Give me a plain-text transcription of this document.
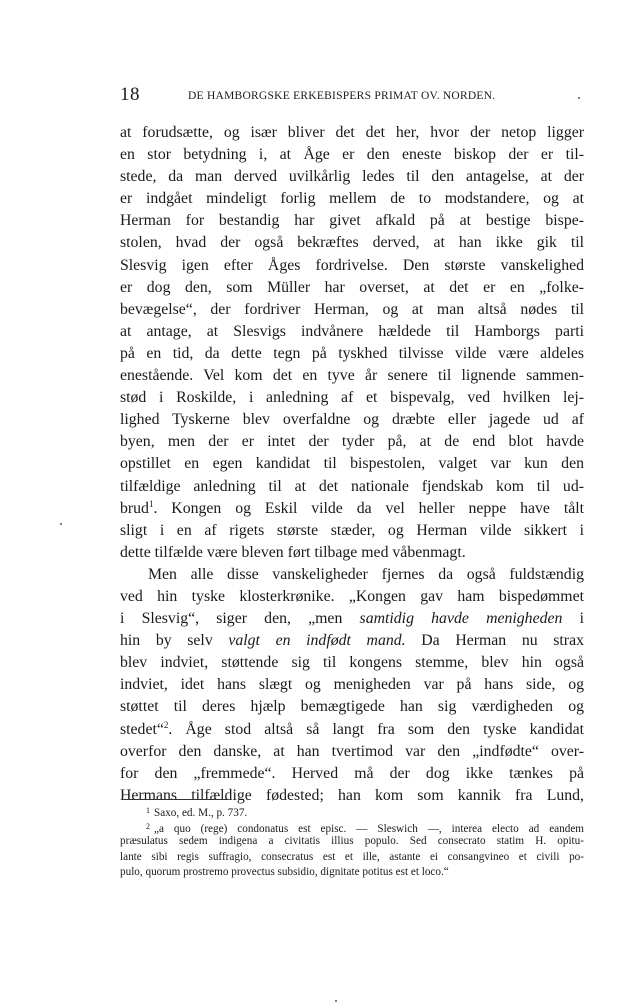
18	DE HAMBORGSKE ERKEBISPERS PRIMAT OV. NORDEN.
at forudsætte, og især bliver det det her, hvor der netop ligger
en stor betydning i, at Åge er den eneste biskop der er til-
stede, da man derved uvilkårlig ledes til den antagelse, at der
er indgået mindeligt forlig mellem de to modstandere, og at
Herman for bestandig har givet afkald på at bestige bispe-
stolen, hvad der også bekræftes derved, at han ikke gik til
Slesvig igen efter Åges fordrivelse. Den største vanskelighed
er dog den, som Müller har overset, at det er en „folke-
bevægelse“, der fordriver Herman, og at man altså nødes til
at antage, at Slesvigs indvånere hældede til Hamborgs parti
på en tid, da dette tegn på tyskhed tilvisse vilde være aldeles
enestående. Vel kom det en tyve år senere til lignende sammen-
stød i Roskilde, i anledning af et bispevalg, ved hvilken lej-
lighed Tyskerne blev overfaldne og dræbte eller jagede ud af
byen, men der er intet der tyder på, at de end blot havde
opstillet en egen kandidat til bispestolen, valget var kun den
tilfældige anledning til at det nationale fjendskab kom til ud-
brud$^1$. Kongen og Eskil vilde da vel heller neppe have tålt
sligt i en af rigets største stæder, og Herman vilde sikkert i
dette tilfælde være bleven ført tilbage med våbenmagt.
Men alle disse vanskeligheder fjernes da også fuldstændig
ved hin tyske klosterkrønike. „Kongen gav ham bispedømmet
i Slesvig“, siger den, „men samtidig havde menigheden i
hin by selv valgt en indfødt mand. Da Herman nu strax
blev indviet, støttende sig til kongens stemme, blev hin også
indviet, idet hans slægt og menigheden var på hans side, og
støttet til deres hjælp bemægtigede han sig værdigheden og
stedet“$^2$. Åge stod altså så langt fra som den tyske kandidat
overfor den danske, at han tvertimod var den „indfødte“ over-
for den „fremmede“. Herved må der dog ikke tænkes på
Hermans tilfældige fødested; han kom som kannik fra Lund,
$^1$ Saxo, ed. M., p. 737.
$^2$ „a quo (rege) condonatus est episc. — Sleswich —, interea electo ad eandem
præsulatus sedem indigena a civitatis illius populo. Sed consecrato statim H. opitu-
lante sibi regis suffragio, consecratus est et ille, astante ei consangvineo et civili po-
pulo, quorum prostremo provectus subsidio, dignitate potitus est et loco.“
